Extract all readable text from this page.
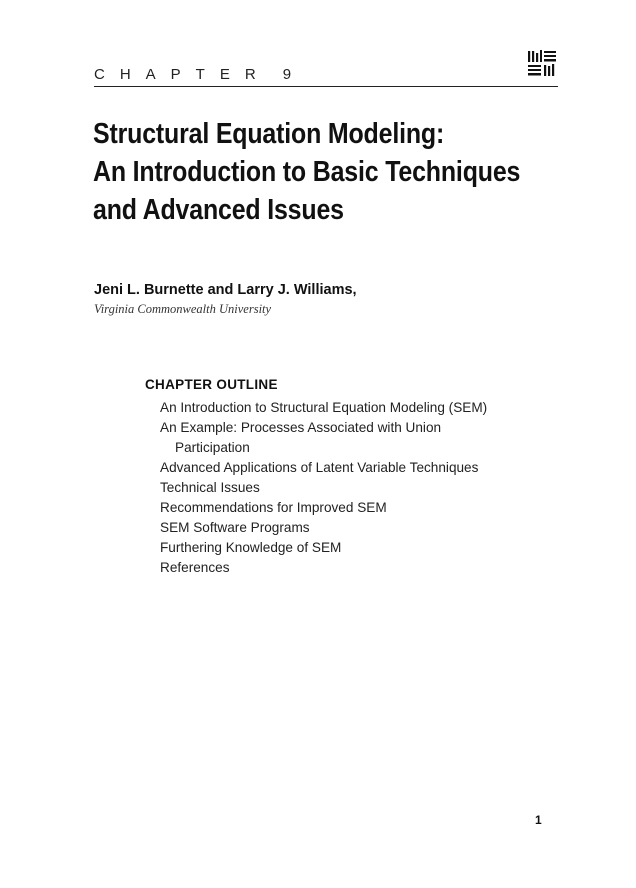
CHAPTER 9
Structural Equation Modeling:
An Introduction to Basic Techniques
and Advanced Issues
Jeni L. Burnette and Larry J. Williams,
Virginia Commonwealth University
CHAPTER OUTLINE
An Introduction to Structural Equation Modeling (SEM)
An Example: Processes Associated with Union
Participation
Advanced Applications of Latent Variable Techniques
Technical Issues
Recommendations for Improved SEM
SEM Software Programs
Furthering Knowledge of SEM
References
1
